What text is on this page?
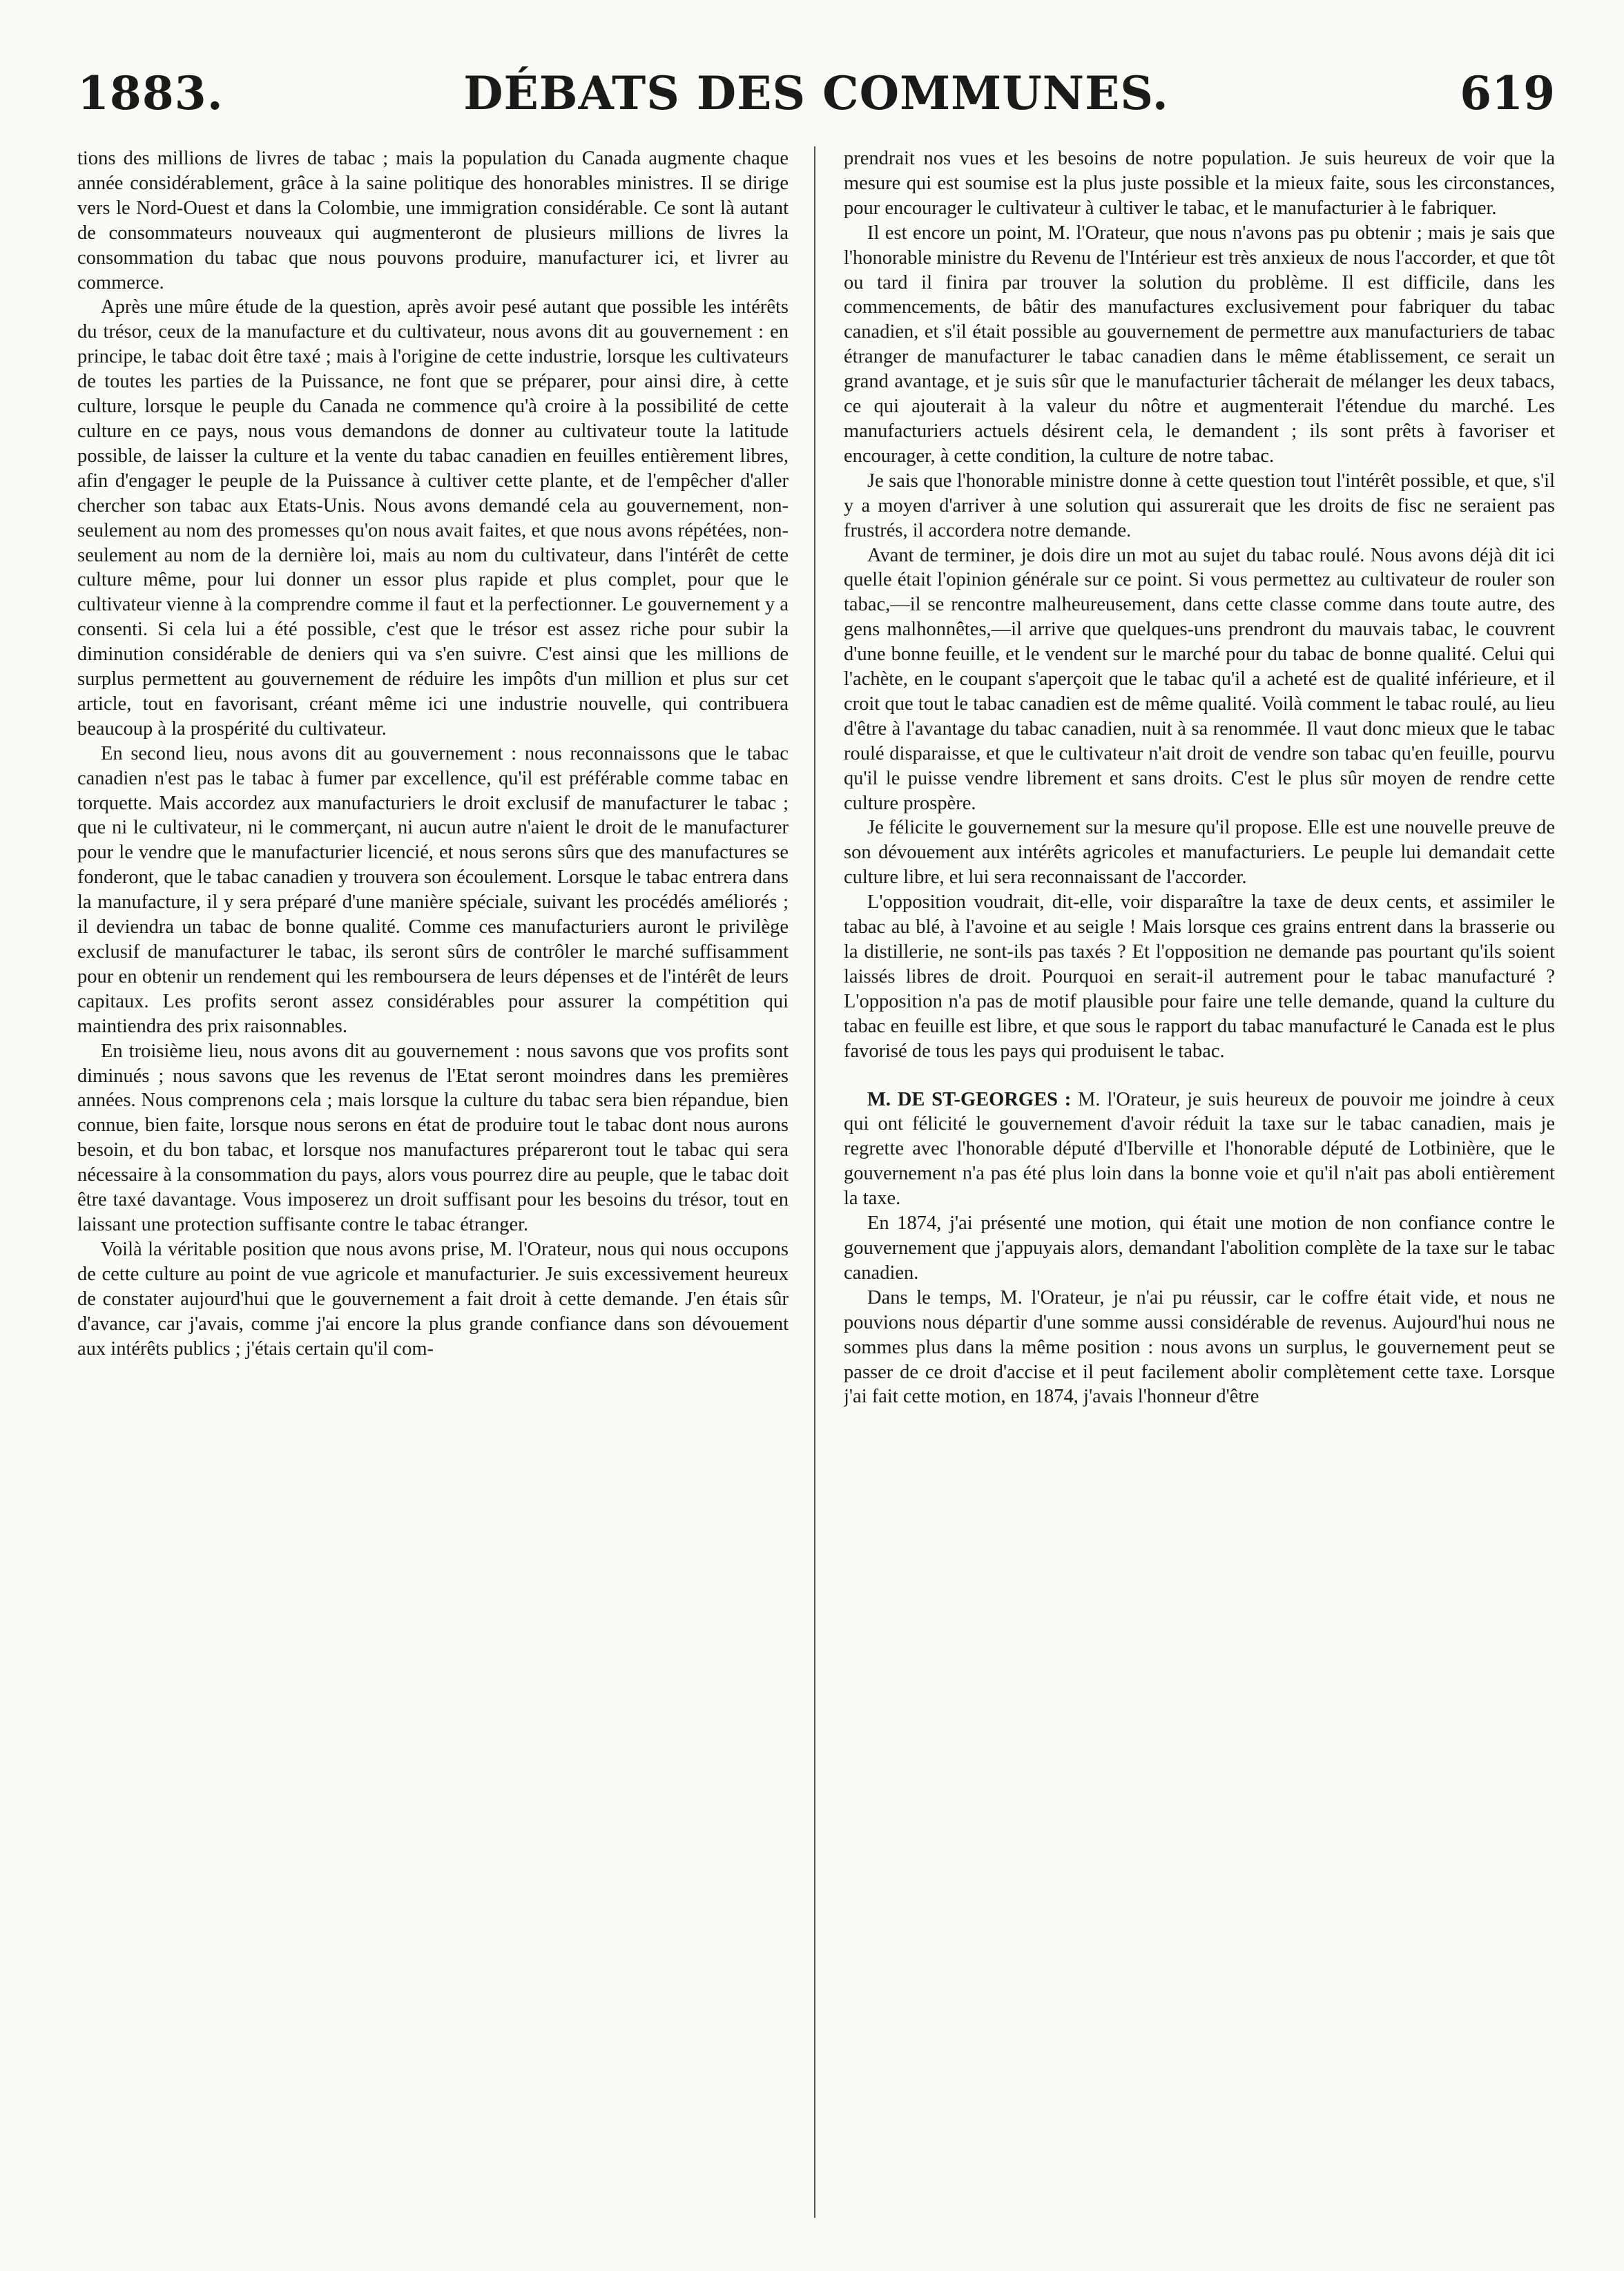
1883.	DÉBATS DES COMMUNES.	619

tions des millions de livres de tabac ; mais la population du Canada augmente chaque année considérablement, grâce à la saine politique des honorables ministres. Il se dirige vers le Nord-Ouest et dans la Colombie, une immigration considérable. Ce sont là autant de consommateurs nouveaux qui augmenteront de plusieurs millions de livres la consommation du tabac que nous pouvons produire, manufacturer ici, et livrer au commerce.

Après une mûre étude de la question, après avoir pesé autant que possible les intérêts du trésor, ceux de la manufacture et du cultivateur, nous avons dit au gouvernement : en principe, le tabac doit être taxé ; mais à l'origine de cette industrie, lorsque les cultivateurs de toutes les parties de la Puissance, ne font que se préparer, pour ainsi dire, à cette culture, lorsque le peuple du Canada ne commence qu'à croire à la possibilité de cette culture en ce pays, nous vous demandons de donner au cultivateur toute la latitude possible, de laisser la culture et la vente du tabac canadien en feuilles entièrement libres, afin d'engager le peuple de la Puissance à cultiver cette plante, et de l'empêcher d'aller chercher son tabac aux Etats-Unis. Nous avons demandé cela au gouvernement, non-seulement au nom des promesses qu'on nous avait faites, et que nous avons répétées, non-seulement au nom de la dernière loi, mais au nom du cultivateur, dans l'intérêt de cette culture même, pour lui donner un essor plus rapide et plus complet, pour que le cultivateur vienne à la comprendre comme il faut et la perfectionner. Le gouvernement y a consenti. Si cela lui a été possible, c'est que le trésor est assez riche pour subir la diminution considérable de deniers qui va s'en suivre. C'est ainsi que les millions de surplus permettent au gouvernement de réduire les impôts d'un million et plus sur cet article, tout en favorisant, créant même ici une industrie nouvelle, qui contribuera beaucoup à la prospérité du cultivateur.

En second lieu, nous avons dit au gouvernement : nous reconnaissons que le tabac canadien n'est pas le tabac à fumer par excellence, qu'il est préférable comme tabac en torquette. Mais accordez aux manufacturiers le droit exclusif de manufacturer le tabac ; que ni le cultivateur, ni le commerçant, ni aucun autre n'aient le droit de le manufacturer pour le vendre que le manufacturier licencié, et nous serons sûrs que des manufactures se fonderont, que le tabac canadien y trouvera son écoulement. Lorsque le tabac entrera dans la manufacture, il y sera préparé d'une manière spéciale, suivant les procédés améliorés ; il deviendra un tabac de bonne qualité. Comme ces manufacturiers auront le privilège exclusif de manufacturer le tabac, ils seront sûrs de contrôler le marché suffisamment pour en obtenir un rendement qui les remboursera de leurs dépenses et de l'intérêt de leurs capitaux. Les profits seront assez considérables pour assurer la compétition qui maintiendra des prix raisonnables.

En troisième lieu, nous avons dit au gouvernement : nous savons que vos profits sont diminués ; nous savons que les revenus de l'Etat seront moindres dans les premières années. Nous comprenons cela ; mais lorsque la culture du tabac sera bien répandue, bien connue, bien faite, lorsque nous serons en état de produire tout le tabac dont nous aurons besoin, et du bon tabac, et lorsque nos manufactures prépareront tout le tabac qui sera nécessaire à la consommation du pays, alors vous pourrez dire au peuple, que le tabac doit être taxé davantage. Vous imposerez un droit suffisant pour les besoins du trésor, tout en laissant une protection suffisante contre le tabac étranger.

Voilà la véritable position que nous avons prise, M. l'Orateur, nous qui nous occupons de cette culture au point de vue agricole et manufacturier. Je suis excessivement heureux de constater aujourd'hui que le gouvernement a fait droit à cette demande. J'en étais sûr d'avance, car j'avais, comme j'ai encore la plus grande confiance dans son dévouement aux intérêts publics ; j'étais certain qu'il com-

prendrait nos vues et les besoins de notre population. Je suis heureux de voir que la mesure qui est soumise est la plus juste possible et la mieux faite, sous les circonstances, pour encourager le cultivateur à cultiver le tabac, et le manufacturier à le fabriquer.

Il est encore un point, M. l'Orateur, que nous n'avons pas pu obtenir ; mais je sais que l'honorable ministre du Revenu de l'Intérieur est très anxieux de nous l'accorder, et que tôt ou tard il finira par trouver la solution du problème. Il est difficile, dans les commencements, de bâtir des manufactures exclusivement pour fabriquer du tabac canadien, et s'il était possible au gouvernement de permettre aux manufacturiers de tabac étranger de manufacturer le tabac canadien dans le même établissement, ce serait un grand avantage, et je suis sûr que le manufacturier tâcherait de mélanger les deux tabacs, ce qui ajouterait à la valeur du nôtre et augmenterait l'étendue du marché. Les manufacturiers actuels désirent cela, le demandent ; ils sont prêts à favoriser et encourager, à cette condition, la culture de notre tabac.

Je sais que l'honorable ministre donne à cette question tout l'intérêt possible, et que, s'il y a moyen d'arriver à une solution qui assurerait que les droits de fisc ne seraient pas frustrés, il accordera notre demande.

Avant de terminer, je dois dire un mot au sujet du tabac roulé. Nous avons déjà dit ici quelle était l'opinion générale sur ce point. Si vous permettez au cultivateur de rouler son tabac,—il se rencontre malheureusement, dans cette classe comme dans toute autre, des gens malhonnêtes,—il arrive que quelques-uns prendront du mauvais tabac, le couvrent d'une bonne feuille, et le vendent sur le marché pour du tabac de bonne qualité. Celui qui l'achète, en le coupant s'aperçoit que le tabac qu'il a acheté est de qualité inférieure, et il croit que tout le tabac canadien est de même qualité. Voilà comment le tabac roulé, au lieu d'être à l'avantage du tabac canadien, nuit à sa renommée. Il vaut donc mieux que le tabac roulé disparaisse, et que le cultivateur n'ait droit de vendre son tabac qu'en feuille, pourvu qu'il le puisse vendre librement et sans droits. C'est le plus sûr moyen de rendre cette culture prospère.

Je félicite le gouvernement sur la mesure qu'il propose. Elle est une nouvelle preuve de son dévouement aux intérêts agricoles et manufacturiers. Le peuple lui demandait cette culture libre, et lui sera reconnaissant de l'accorder.

L'opposition voudrait, dit-elle, voir disparaître la taxe de deux cents, et assimiler le tabac au blé, à l'avoine et au seigle ! Mais lorsque ces grains entrent dans la brasserie ou la distillerie, ne sont-ils pas taxés ? Et l'opposition ne demande pas pourtant qu'ils soient laissés libres de droit. Pourquoi en serait-il autrement pour le tabac manufacturé ? L'opposition n'a pas de motif plausible pour faire une telle demande, quand la culture du tabac en feuille est libre, et que sous le rapport du tabac manufacturé le Canada est le plus favorisé de tous les pays qui produisent le tabac.

M. DE ST-GEORGES : M. l'Orateur, je suis heureux de pouvoir me joindre à ceux qui ont félicité le gouvernement d'avoir réduit la taxe sur le tabac canadien, mais je regrette avec l'honorable député d'Iberville et l'honorable député de Lotbinière, que le gouvernement n'a pas été plus loin dans la bonne voie et qu'il n'ait pas aboli entièrement la taxe.

En 1874, j'ai présenté une motion, qui était une motion de non confiance contre le gouvernement que j'appuyais alors, demandant l'abolition complète de la taxe sur le tabac canadien.

Dans le temps, M. l'Orateur, je n'ai pu réussir, car le coffre était vide, et nous ne pouvions nous départir d'une somme aussi considérable de revenus. Aujourd'hui nous ne sommes plus dans la même position : nous avons un surplus, le gouvernement peut se passer de ce droit d'accise et il peut facilement abolir complètement cette taxe. Lorsque j'ai fait cette motion, en 1874, j'avais l'honneur d'être
